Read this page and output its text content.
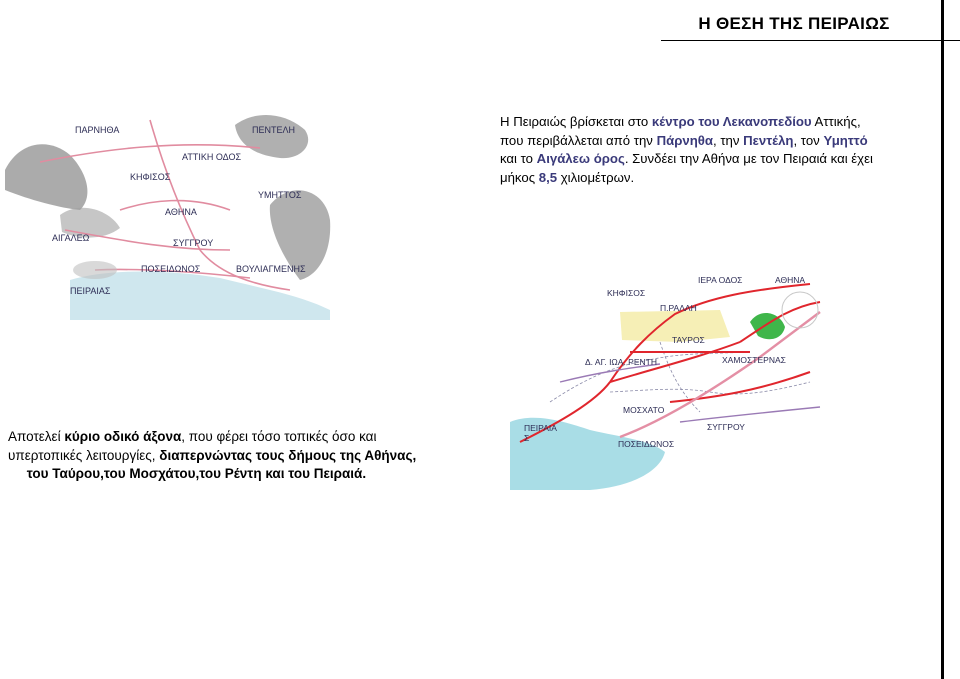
Η ΘΕΣΗ ΤΗΣ ΠΕΙΡΑΙΩΣ
Η Πειραιώς βρίσκεται στο κέντρο του Λεκανοπεδίου Αττικής, που περιβάλλεται από την Πάρνηθα, την Πεντέλη, τον Υμηττό και το Αιγάλεω όρος. Συνδέει την Αθήνα με τον Πειραιά και έχει μήκος 8,5 χιλιομέτρων.
Αποτελεί κύριο οδικό άξονα, που φέρει τόσο τοπικές όσο και υπερτοπικές λειτουργίες, διαπερνώντας τους δήμους της Αθήνας,     του Ταύρου,του Μοσχάτου,του Ρέντη και του Πειραιά.
ΠΑΡΝΗΘΑ	ΠΕΝΤΕΛΗ
ΑΤΤΙΚΗ ΟΔΟΣ
ΚΗΦΙΣΟΣ
ΥΜΗΤΤΟΣ
ΑΘΗΝΑ
ΑΙΓΑΛΕΩ	ΣΥΓΓΡΟΥ
ΠΟΣΕΙΔΩΝΟΣ	ΒΟΥΛΙΑΓΜΕΝΗΣ
ΠΕΙΡΑΙΑΣ
ΙΕΡΑ ΟΔΟΣ	ΑΘΗΝΑ
ΚΗΦΙΣΟΣ
Π.ΡΑΛΛΗ
ΤΑΥΡΟΣ
Δ. ΑΓ. ΙΩΑ. ΡΕΝΤΗ	ΧΑΜΟΣΤΕΡΝΑΣ
ΜΟΣΧΑΤΟ
ΣΥΓΓΡΟΥ
ΠΕΙΡΑΙΑ
Σ
ΠΟΣΕΙΔΩΝΟΣ
